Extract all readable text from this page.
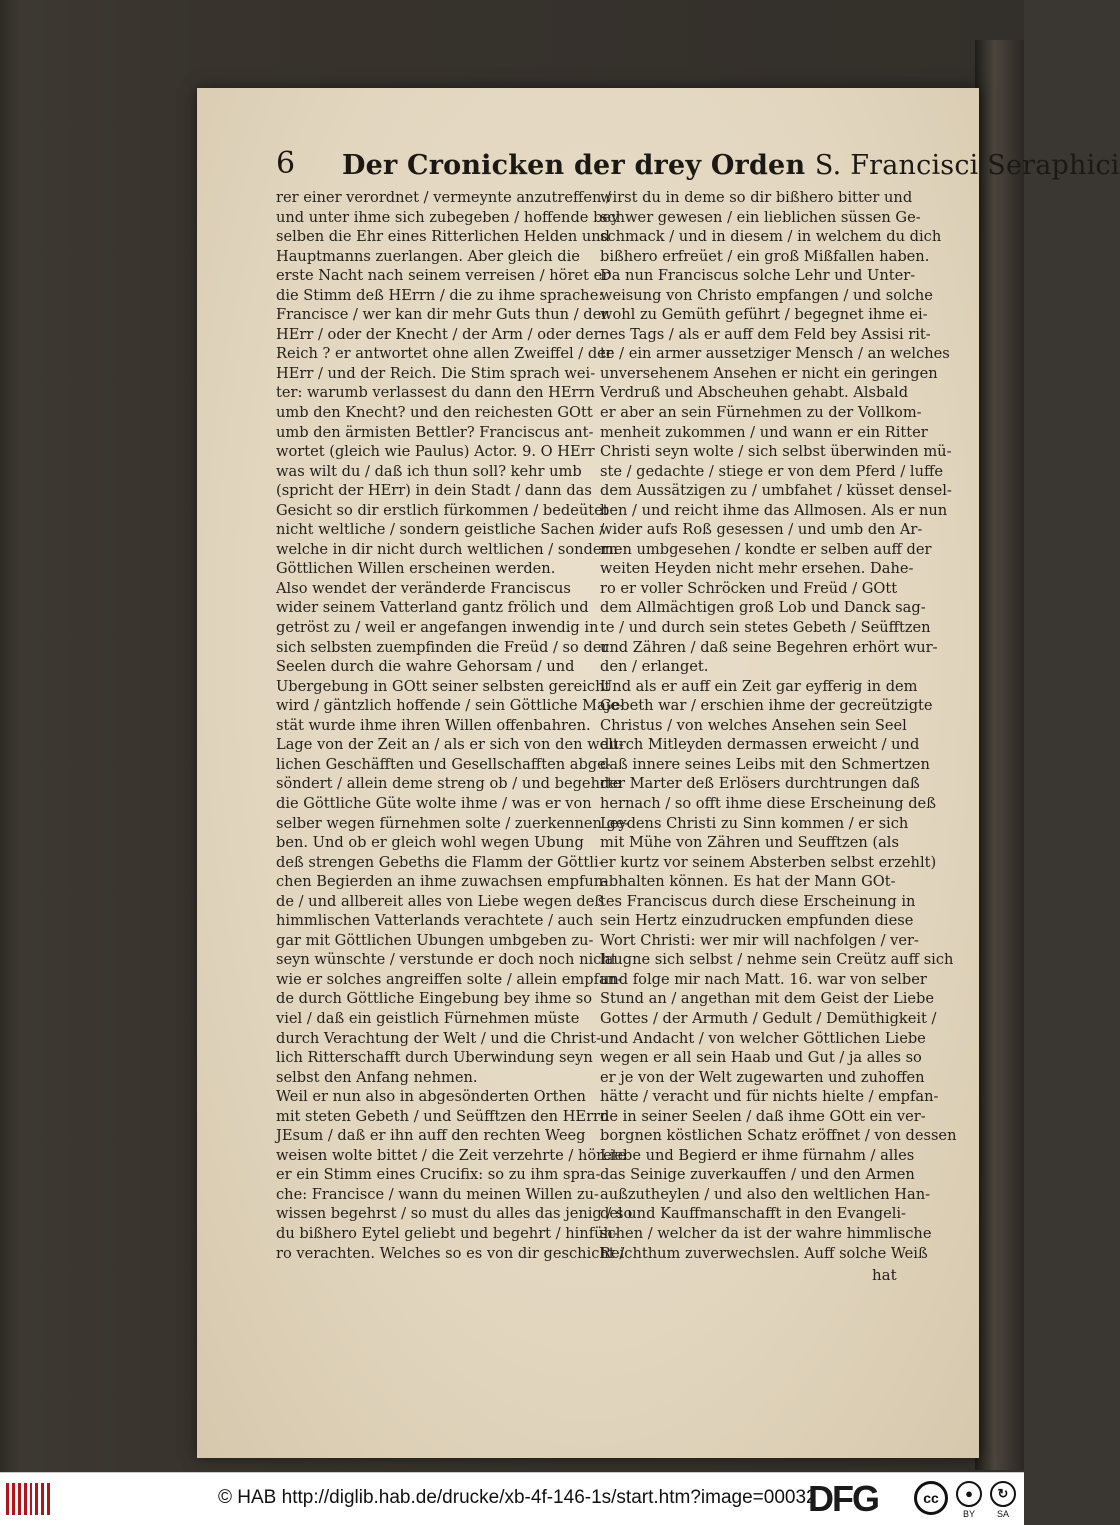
6 Der Cronicken der drey Orden S. Francisci Seraphici
rer einer verordnet / vermeynte anzutreffen /
und unter ihme sich zubegeben / hoffende bey
selben die Ehr eines Ritterlichen Helden und
Hauptmanns zuerlangen. Aber gleich die
erste Nacht nach seinem verreisen / höret er
die Stimm deß HErrn / die zu ihme sprache:
Francisce / wer kan dir mehr Guts thun / der
HErr / oder der Knecht / der Arm / oder der
Reich ? er antwortet ohne allen Zweiffel / der
HErr / und der Reich. Die Stim sprach wei-
ter: warumb verlassest du dann den HErrn
umb den Knecht? und den reichesten GOtt
umb den ärmisten Bettler? Franciscus ant-
wortet (gleich wie Paulus) Actor. 9. O HErr
was wilt du / daß ich thun soll? kehr umb
(spricht der HErr) in dein Stadt / dann das
Gesicht so dir erstlich fürkommen / bedeütet
nicht weltliche / sondern geistliche Sachen /
welche in dir nicht durch weltlichen / sondern
Göttlichen Willen erscheinen werden.
Also wendet der veränderde Franciscus
wider seinem Vatterland gantz frölich und
getröst zu / weil er angefangen inwendig in
sich selbsten zuempfinden die Freüd / so der
Seelen durch die wahre Gehorsam / und
Ubergebung in GOtt seiner selbsten gereicht
wird / gäntzlich hoffende / sein Göttliche Maje-
stät wurde ihme ihren Willen offenbahren.
Lage von der Zeit an / als er sich von den welt-
lichen Geschäfften und Gesellschafften abge-
söndert / allein deme streng ob / und begehrte
die Göttliche Güte wolte ihme / was er von
selber wegen fürnehmen solte / zuerkennen ge-
ben. Und ob er gleich wohl wegen Ubung
deß strengen Gebeths die Flamm der Göttli-
chen Begierden an ihme zuwachsen empfun-
de / und allbereit alles von Liebe wegen deß
himmlischen Vatterlands verachtete / auch
gar mit Göttlichen Ubungen umbgeben zu-
seyn wünschte / verstunde er doch noch nicht
wie er solches angreiffen solte / allein empfan-
de durch Göttliche Eingebung bey ihme so
viel / daß ein geistlich Fürnehmen müste
durch Verachtung der Welt / und die Christ-
lich Ritterschafft durch Uberwindung seyn
selbst den Anfang nehmen.
Weil er nun also in abgesönderten Orthen
mit steten Gebeth / und Seüfftzen den HErrn
JEsum / daß er ihn auff den rechten Weeg
weisen wolte bittet / die Zeit verzehrte / hörete
er ein Stimm eines Crucifix: so zu ihm spra-
che: Francisce / wann du meinen Willen zu-
wissen begehrst / so must du alles das jenig / so
du bißhero Eytel geliebt und begehrt / hinfüh-
ro verachten. Welches so es von dir geschicht /
wirst du in deme so dir bißhero bitter und
schwer gewesen / ein lieblichen süssen Ge-
schmack / und in diesem / in welchem du dich
bißhero erfreüet / ein groß Mißfallen haben.
Da nun Franciscus solche Lehr und Unter-
weisung von Christo empfangen / und solche
wohl zu Gemüth geführt / begegnet ihme ei-
nes Tags / als er auff dem Feld bey Assisi rit-
te / ein armer aussetziger Mensch / an welches
unversehenem Ansehen er nicht ein geringen
Verdruß und Abscheuhen gehabt. Alsbald
er aber an sein Fürnehmen zu der Vollkom-
menheit zukommen / und wann er ein Ritter
Christi seyn wolte / sich selbst überwinden mü-
ste / gedachte / stiege er von dem Pferd / luffe
dem Aussätzigen zu / umbfahet / küsset densel-
ben / und reicht ihme das Allmosen. Als er nun
wider aufs Roß gesessen / und umb den Ar-
men umbgesehen / kondte er selben auff der
weiten Heyden nicht mehr ersehen. Dahe-
ro er voller Schröcken und Freüd / GOtt
dem Allmächtigen groß Lob und Danck sag-
te / und durch sein stetes Gebeth / Seüfftzen
und Zähren / daß seine Begehren erhört wur-
den / erlanget.
Und als er auff ein Zeit gar eyfferig in dem
Gebeth war / erschien ihme der gecreützigte
Christus / von welches Ansehen sein Seel
durch Mitleyden dermassen erweicht / und
daß innere seines Leibs mit den Schmertzen
der Marter deß Erlösers durchtrungen daß
hernach / so offt ihme diese Erscheinung deß
Leydens Christi zu Sinn kommen / er sich
mit Mühe von Zähren und Seufftzen (als
er kurtz vor seinem Absterben selbst erzehlt)
abhalten können. Es hat der Mann GOt-
tes Franciscus durch diese Erscheinung in
sein Hertz einzudrucken empfunden diese
Wort Christi: wer mir will nachfolgen / ver-
laugne sich selbst / nehme sein Creütz auff sich
und folge mir nach Matt. 16. war von selber
Stund an / angethan mit dem Geist der Liebe
Gottes / der Armuth / Gedult / Demüthigkeit /
und Andacht / von welcher Göttlichen Liebe
wegen er all sein Haab und Gut / ja alles so
er je von der Welt zugewarten und zuhoffen
hätte / veracht und für nichts hielte / empfan-
de in seiner Seelen / daß ihme GOtt ein ver-
borgnen köstlichen Schatz eröffnet / von dessen
Liebe und Begierd er ihme fürnahm / alles
das Seinige zuverkauffen / und den Armen
außzutheylen / und also den weltlichen Han-
del und Kauffmanschafft in den Evangeli-
schen / welcher da ist der wahre himmlische
Reichthum zuverwechslen. Auff solche Weiß
hat
© HAB http://diglib.hab.de/drucke/xb-4f-146-1s/start.htm?image=00032
DFG	cc	●
BY
↻
SA
